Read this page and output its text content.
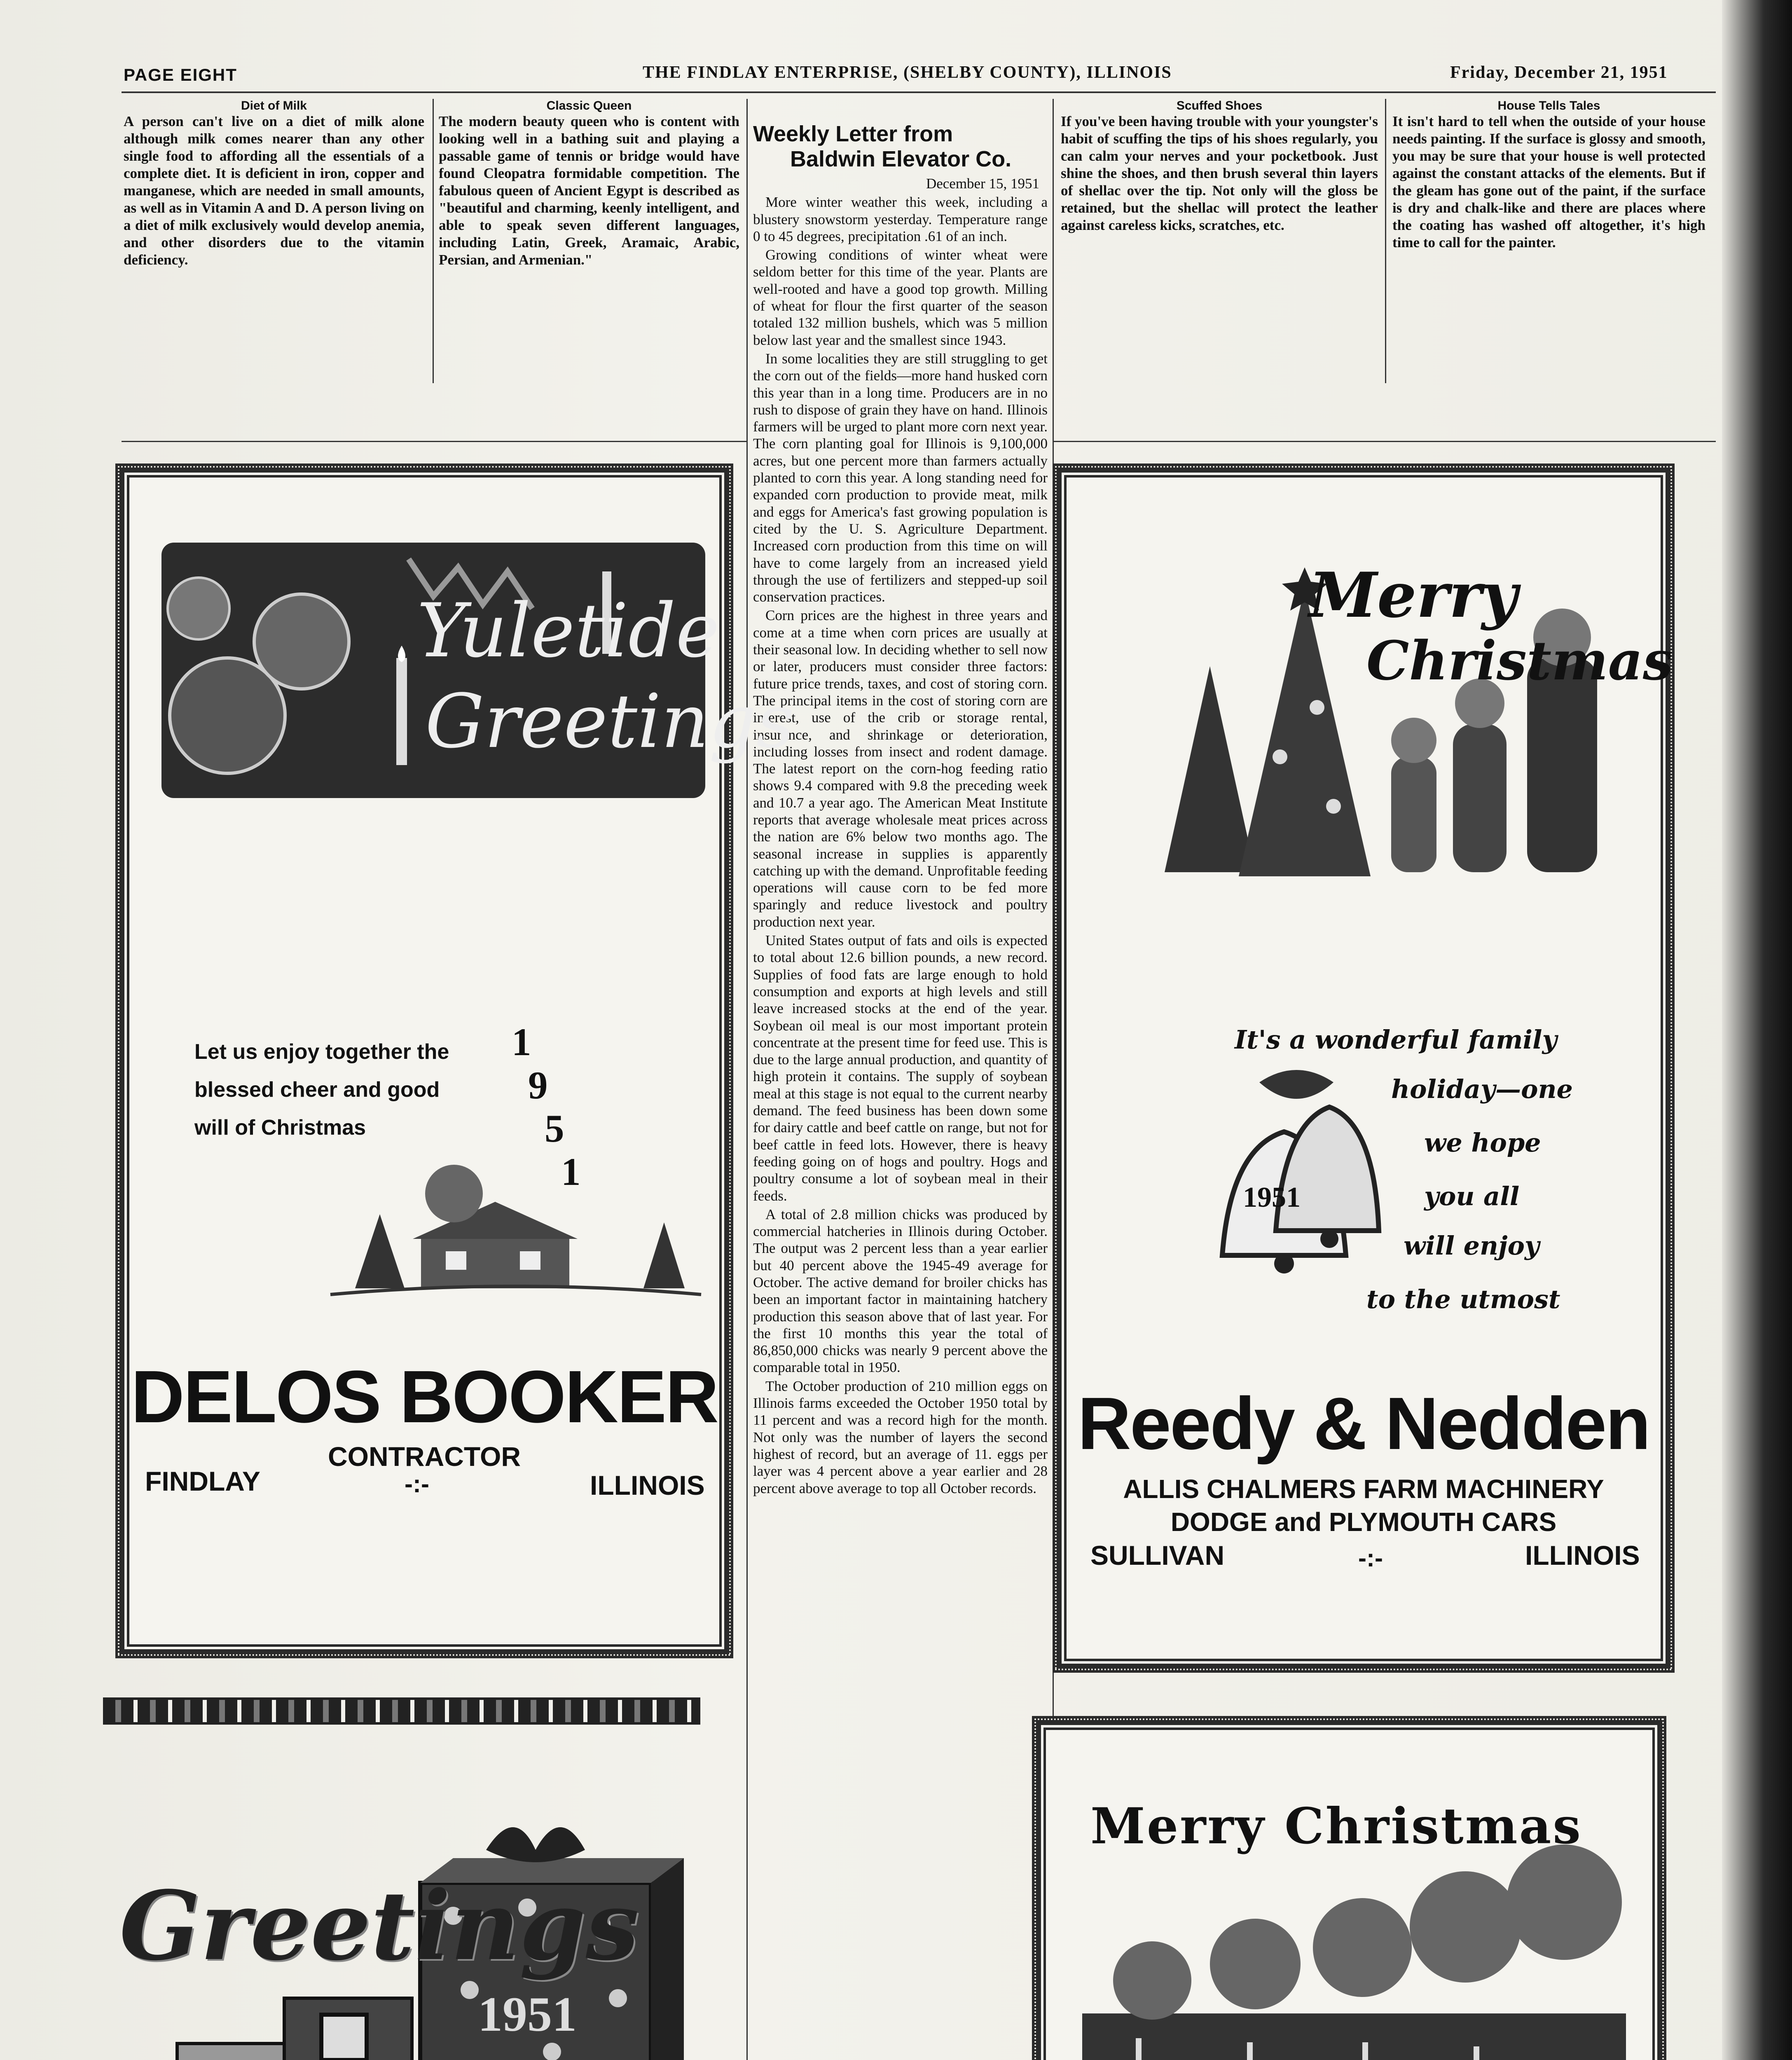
PAGE EIGHT	THE FINDLAY ENTERPRISE, (SHELBY COUNTY), ILLINOIS	Friday, December 21, 1951
Diet of Milk
A person can't live on a diet of milk alone although milk comes nearer than any other single food to affording all the essentials of a complete diet. It is deficient in iron, copper and manganese, which are needed in small amounts, as well as in Vitamin A and D. A person living on a diet of milk exclusively would develop anemia, and other disorders due to the vitamin deficiency.
Classic Queen
The modern beauty queen who is content with looking well in a bathing suit and playing a passable game of tennis or bridge would have found Cleopatra formidable competition. The fabulous queen of Ancient Egypt is described as "beautiful and charming, keenly intelligent, and able to speak seven different languages, including Latin, Greek, Aramaic, Arabic, Persian, and Armenian."
Scuffed Shoes
If you've been having trouble with your youngster's habit of scuffing the tips of his shoes regularly, you can calm your nerves and your pocketbook. Just shine the shoes, and then brush several thin layers of shellac over the tip. Not only will the gloss be retained, but the shellac will protect the leather against careless kicks, scratches, etc.
House Tells Tales
It isn't hard to tell when the outside of your house needs painting. If the surface is glossy and smooth, you may be sure that your house is well protected against the constant attacks of the elements. But if the gleam has gone out of the paint, if the surface is dry and chalk-like and there are places where the coating has washed off altogether, it's high time to call for the painter.
Weekly Letter from
Baldwin Elevator Co.
December 15, 1951

More winter weather this week, including a blustery snowstorm yesterday. Temperature range 0 to 45 degrees, precipitation .61 of an inch.

Growing conditions of winter wheat were seldom better for this time of the year. Plants are well-rooted and have a good top growth. Milling of wheat for flour the first quarter of the season totaled 132 million bushels, which was 5 million below last year and the smallest since 1943.

In some localities they are still struggling to get the corn out of the fields—more hand husked corn this year than in a long time. Producers are in no rush to dispose of grain they have on hand. Illinois farmers will be urged to plant more corn next year. The corn planting goal for Illinois is 9,100,000 acres, but one percent more than farmers actually planted to corn this year. A long standing need for expanded corn production to provide meat, milk and eggs for America's fast growing population is cited by the U. S. Agriculture Department. Increased corn production from this time on will have to come largely from an increased yield through the use of fertilizers and stepped-up soil conservation practices.

Corn prices are the highest in three years and come at a time when corn prices are usually at their seasonal low. In deciding whether to sell now or later, producers must consider three factors: future price trends, taxes, and cost of storing corn. The principal items in the cost of storing corn are interest, use of the crib or storage rental, insurance, and shrinkage or deterioration, including losses from insect and rodent damage. The latest report on the corn-hog feeding ratio shows 9.4 compared with 9.8 the preceding week and 10.7 a year ago. The American Meat Institute reports that average wholesale meat prices across the nation are 6% below two months ago. The seasonal increase in supplies is apparently catching up with the demand. Unprofitable feeding operations will cause corn to be fed more sparingly and reduce livestock and poultry production next year.

United States output of fats and oils is expected to total about 12.6 billion pounds, a new record. Supplies of food fats are large enough to hold consumption and exports at high levels and still leave increased stocks at the end of the year. Soybean oil meal is our most important protein concentrate at the present time for feed use. This is due to the large annual production, and quantity of high protein it contains. The supply of soybean meal at this stage is not equal to the current nearby demand. The feed business has been down some for dairy cattle and beef cattle on range, but not for beef cattle in feed lots. However, there is heavy feeding going on of hogs and poultry. Hogs and poultry consume a lot of soybean meal in their feeds.

A total of 2.8 million chicks was produced by commercial hatcheries in Illinois during October. The output was 2 percent less than a year earlier but 40 percent above the 1945-49 average for October. The active demand for broiler chicks has been an important factor in maintaining hatchery production this season above that of last year. For the first 10 months this year the total of 86,850,000 chicks was nearly 9 percent above the comparable total in 1950.

The October production of 210 million eggs on Illinois farms exceeded the October 1950 total by 11 percent and was a record high for the month. Not only was the number of layers the second highest of record, but an average of 11. eggs per layer was 4 percent above a year earlier and 28 percent above average to top all October records.

Yuletide
Greetings
Let us enjoy together the
blessed cheer and good
will of Christmas
1
9
5
1
DELOS BOOKER
CONTRACTOR
FINDLAY	-:-	ILLINOIS
Merry
Christmas
It's a wonderful family
holiday—one
we hope
you all
will enjoy
to the utmost
1951
Reedy & Nedden
ALLIS CHALMERS FARM MACHINERY
DODGE and PLYMOUTH CARS
SULLIVAN	-:-	ILLINOIS
Greetings
1951
Merry Christmas
